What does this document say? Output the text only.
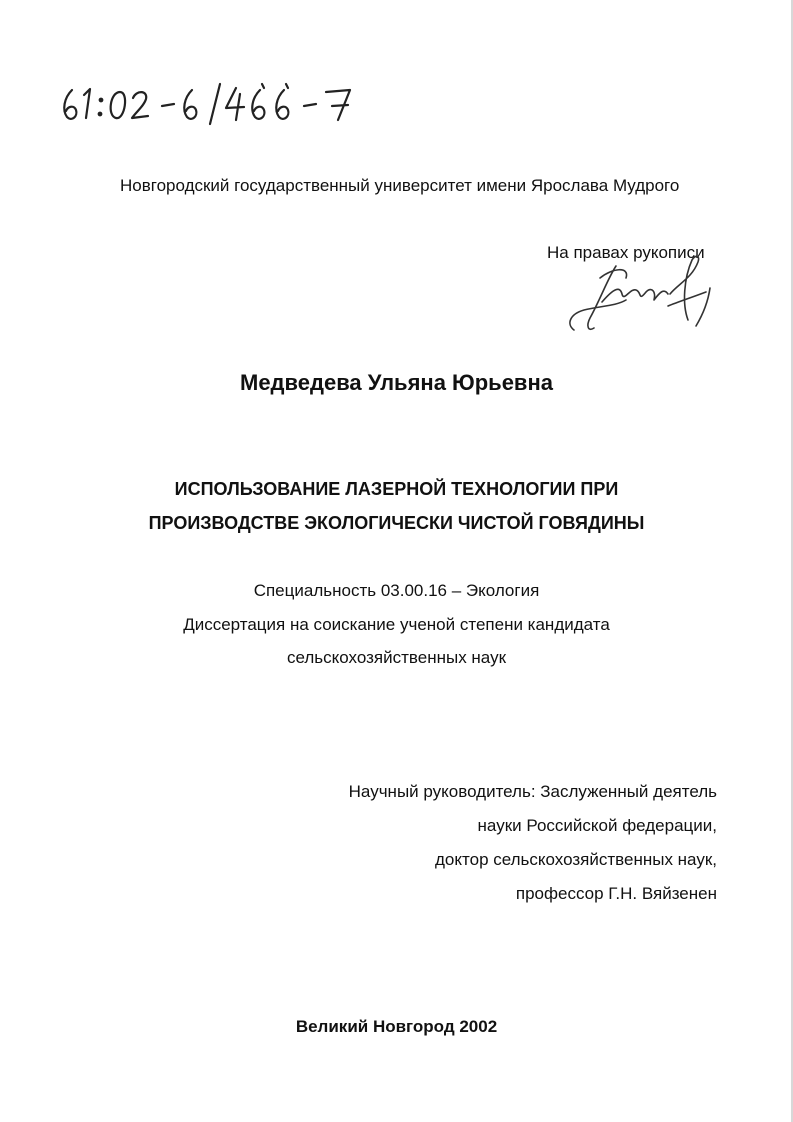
Новгородский государственный университет имени Ярослава Мудрого
На правах рукописи
Медведева Ульяна Юрьевна
ИСПОЛЬЗОВАНИЕ ЛАЗЕРНОЙ ТЕХНОЛОГИИ ПРИ
ПРОИЗВОДСТВЕ ЭКОЛОГИЧЕСКИ ЧИСТОЙ ГОВЯДИНЫ
Специальность 03.00.16 – Экология
Диссертация на соискание ученой степени кандидата
сельскохозяйственных наук
Научный руководитель: Заслуженный деятель
науки Российской федерации,
доктор сельскохозяйственных наук,
профессор Г.Н. Вяйзенен
Великий Новгород 2002
